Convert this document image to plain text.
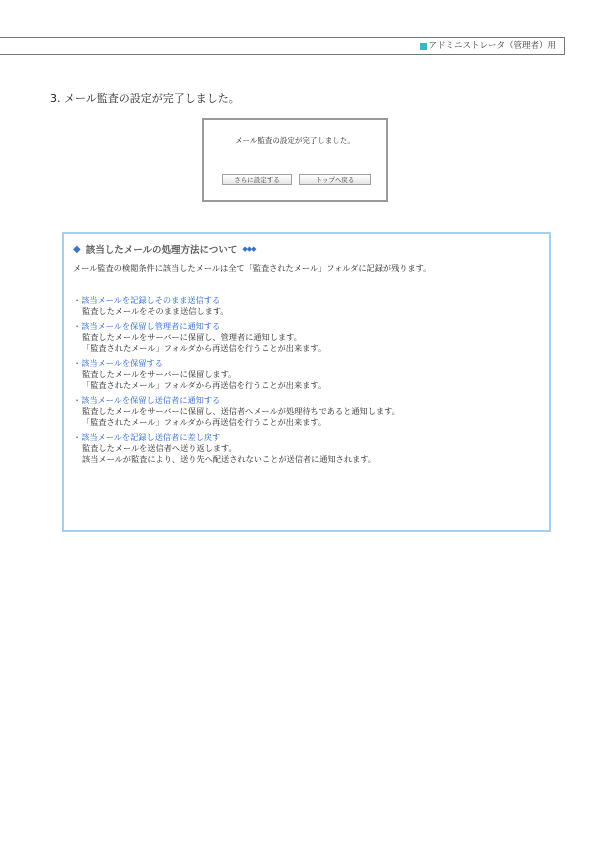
アドミニストレータ（管理者）用
3. メール監査の設定が完了しました。
メール監査の設定が完了しました。
さらに設定する	トップへ戻る
◆ 該当したメールの処理方法について ◆◆◆
メール監査の検閲条件に該当したメールは全て「監査されたメール」フォルダに記録が残ります。
・該当メールを記録しそのまま送信する
監査したメールをそのまま送信します。
・該当メールを保留し管理者に通知する
監査したメールをサーバーに保留し、管理者に通知します。
「監査されたメール」フォルダから再送信を行うことが出来ます。
・該当メールを保留する
監査したメールをサーバーに保留します。
「監査されたメール」フォルダから再送信を行うことが出来ます。
・該当メールを保留し送信者に通知する
監査したメールをサーバーに保留し、送信者へメールが処理待ちであると通知します。
「監査されたメール」フォルダから再送信を行うことが出来ます。
・該当メールを記録し送信者に差し戻す
監査したメールを送信者へ送り返します。
該当メールが監査により、送り先へ配送されないことが送信者に通知されます。
